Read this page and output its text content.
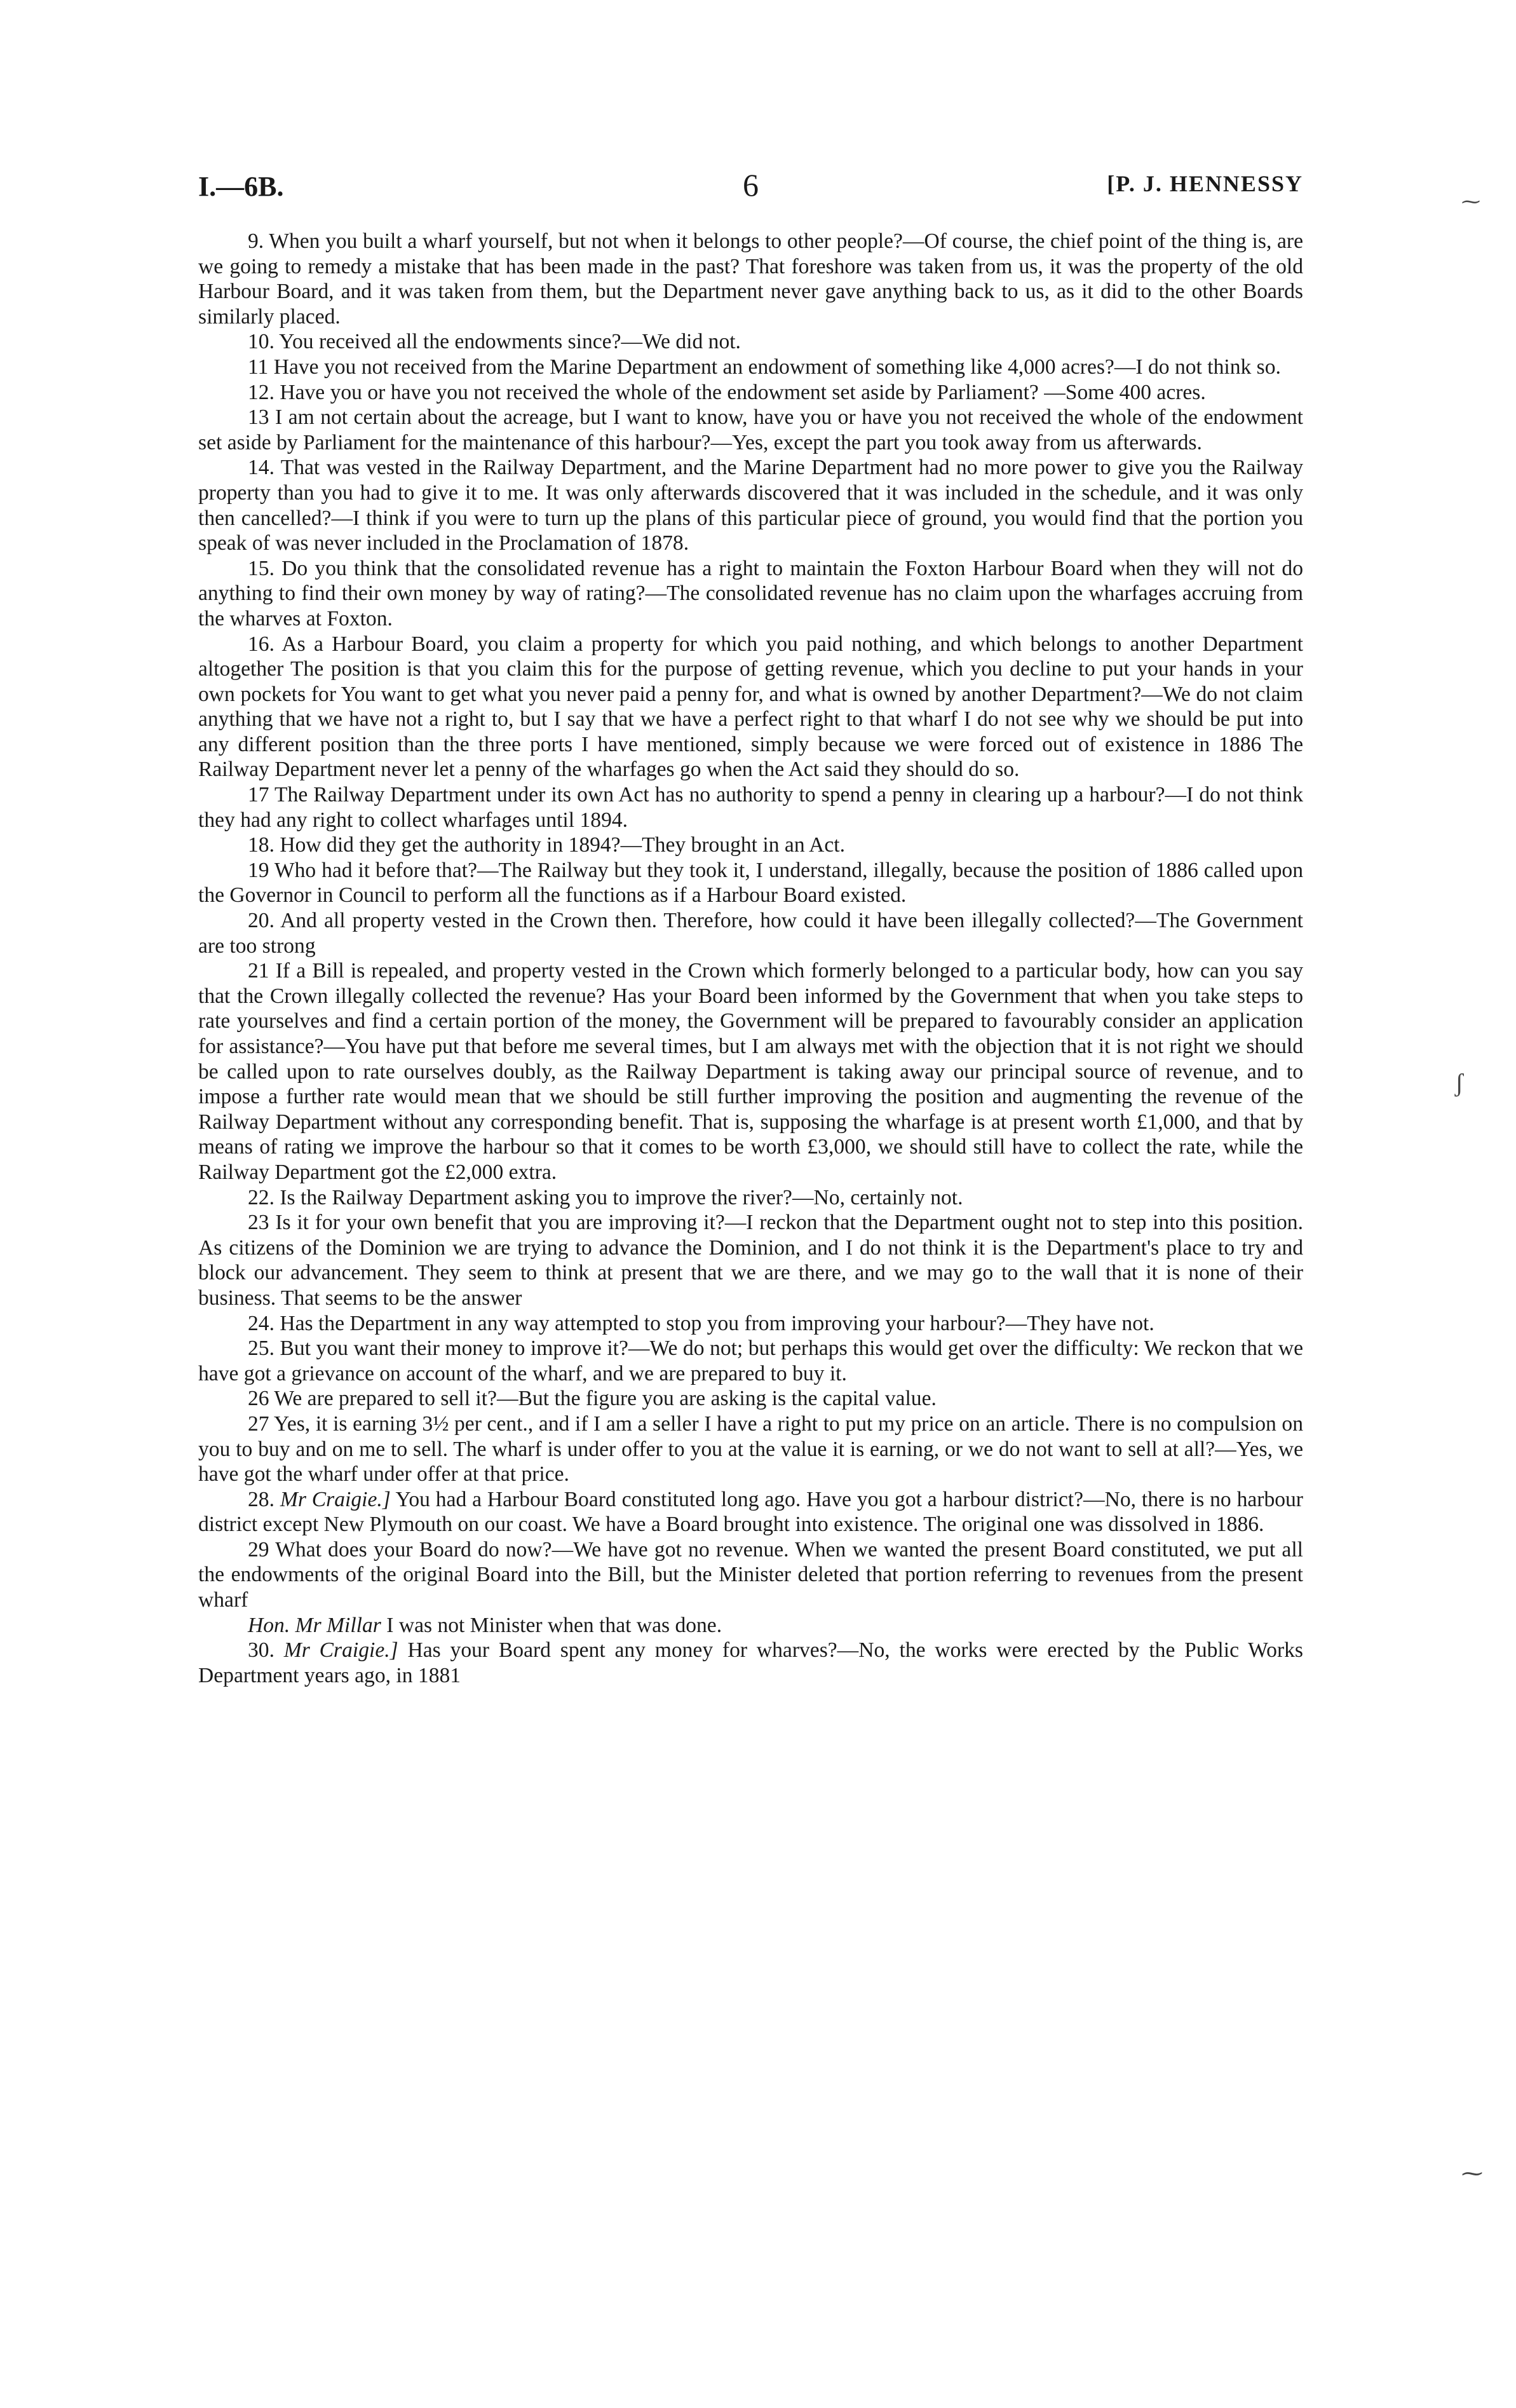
I.—6B.	6	[P. J. HENNESSY
⁓
ʃ
⁓

9. When you built a wharf yourself, but not when it belongs to other people?—Of course, the chief point of the thing is, are we going to remedy a mistake that has been made in the past? That foreshore was taken from us, it was the property of the old Harbour Board, and it was taken from them, but the Department never gave anything back to us, as it did to the other Boards similarly placed.

10. You received all the endowments since?—We did not.

11 Have you not received from the Marine Department an endowment of something like 4,000 acres?—I do not think so.

12. Have you or have you not received the whole of the endowment set aside by Parliament? —Some 400 acres.

13 I am not certain about the acreage, but I want to know, have you or have you not received the whole of the endowment set aside by Parliament for the maintenance of this harbour?—Yes, except the part you took away from us afterwards.

14. That was vested in the Railway Department, and the Marine Department had no more power to give you the Railway property than you had to give it to me. It was only afterwards discovered that it was included in the schedule, and it was only then cancelled?—I think if you were to turn up the plans of this particular piece of ground, you would find that the portion you speak of was never included in the Proclamation of 1878.

15. Do you think that the consolidated revenue has a right to maintain the Foxton Harbour Board when they will not do anything to find their own money by way of rating?—The consolidated revenue has no claim upon the wharfages accruing from the wharves at Foxton.

16. As a Harbour Board, you claim a property for which you paid nothing, and which belongs to another Department altogether The position is that you claim this for the purpose of getting revenue, which you decline to put your hands in your own pockets for You want to get what you never paid a penny for, and what is owned by another Department?—We do not claim anything that we have not a right to, but I say that we have a perfect right to that wharf I do not see why we should be put into any different position than the three ports I have mentioned, simply because we were forced out of existence in 1886 The Railway Department never let a penny of the wharfages go when the Act said they should do so.

17 The Railway Department under its own Act has no authority to spend a penny in clearing up a harbour?—I do not think they had any right to collect wharfages until 1894.

18. How did they get the authority in 1894?—They brought in an Act.

19 Who had it before that?—The Railway but they took it, I understand, illegally, because the position of 1886 called upon the Governor in Council to perform all the functions as if a Harbour Board existed.

20. And all property vested in the Crown then. Therefore, how could it have been illegally collected?—The Government are too strong

21 If a Bill is repealed, and property vested in the Crown which formerly belonged to a particular body, how can you say that the Crown illegally collected the revenue? Has your Board been informed by the Government that when you take steps to rate yourselves and find a certain portion of the money, the Government will be prepared to favourably consider an application for assistance?—You have put that before me several times, but I am always met with the objection that it is not right we should be called upon to rate ourselves doubly, as the Railway Department is taking away our principal source of revenue, and to impose a further rate would mean that we should be still further improving the position and augmenting the revenue of the Railway Department without any corresponding benefit. That is, supposing the wharfage is at present worth £1,000, and that by means of rating we improve the harbour so that it comes to be worth £3,000, we should still have to collect the rate, while the Railway Department got the £2,000 extra.

22. Is the Railway Department asking you to improve the river?—No, certainly not.

23 Is it for your own benefit that you are improving it?—I reckon that the Department ought not to step into this position. As citizens of the Dominion we are trying to advance the Dominion, and I do not think it is the Department's place to try and block our advancement. They seem to think at present that we are there, and we may go to the wall that it is none of their business. That seems to be the answer

24. Has the Department in any way attempted to stop you from improving your harbour?—They have not.

25. But you want their money to improve it?—We do not; but perhaps this would get over the difficulty: We reckon that we have got a grievance on account of the wharf, and we are prepared to buy it.

26 We are prepared to sell it?—But the figure you are asking is the capital value.

27 Yes, it is earning 3½ per cent., and if I am a seller I have a right to put my price on an article. There is no compulsion on you to buy and on me to sell. The wharf is under offer to you at the value it is earning, or we do not want to sell at all?—Yes, we have got the wharf under offer at that price.

28. Mr Craigie.] You had a Harbour Board constituted long ago. Have you got a harbour district?—No, there is no harbour district except New Plymouth on our coast. We have a Board brought into existence. The original one was dissolved in 1886.

29 What does your Board do now?—We have got no revenue. When we wanted the present Board constituted, we put all the endowments of the original Board into the Bill, but the Minister deleted that portion referring to revenues from the present wharf

Hon. Mr Millar I was not Minister when that was done.

30. Mr Craigie.] Has your Board spent any money for wharves?—No, the works were erected by the Public Works Department years ago, in 1881
